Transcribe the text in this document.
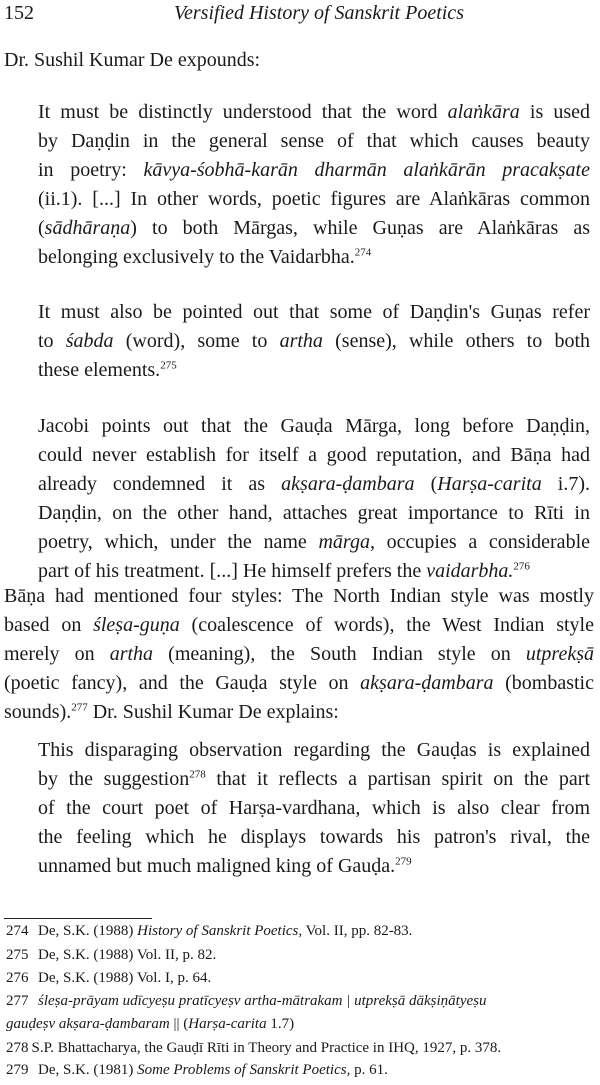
152	Versified History of Sanskrit Poetics
Dr. Sushil Kumar De expounds:
It must be distinctly understood that the word alaṅkāra is used
by Daṇḍin in the general sense of that which causes beauty
in poetry: kāvya-śobhā-karān dharmān alaṅkārān pracakṣate
(ii.1). [...] In other words, poetic figures are Alaṅkāras common
(sādhāraṇa) to both Mārgas, while Guṇas are Alaṅkāras as
belonging exclusively to the Vaidarbha.$^{274}$
It must also be pointed out that some of Daṇḍin's Guṇas refer
to śabda (word), some to artha (sense), while others to both
these elements.$^{275}$
Jacobi points out that the Gauḍa Mārga, long before Daṇḍin,
could never establish for itself a good reputation, and Bāṇa had
already condemned it as akṣara-ḍambara (Harṣa-carita i.7).
Daṇḍin, on the other hand, attaches great importance to Rīti in
poetry, which, under the name mārga, occupies a considerable
part of his treatment. [...] He himself prefers the vaidarbha.$^{276}$
Bāṇa had mentioned four styles: The North Indian style was mostly
based on śleṣa-guṇa (coalescence of words), the West Indian style
merely on artha (meaning), the South Indian style on utprekṣā
(poetic fancy), and the Gauḍa style on akṣara-ḍambara (bombastic
sounds).$^{277}$ Dr. Sushil Kumar De explains:
This disparaging observation regarding the Gauḍas is explained
by the suggestion$^{278}$ that it reflects a partisan spirit on the part
of the court poet of Harṣa-vardhana, which is also clear from
the feeling which he displays towards his patron's rival, the
unnamed but much maligned king of Gauḍa.$^{279}$
274 De, S.K. (1988) History of Sanskrit Poetics, Vol. II, pp. 82-83.
275 De, S.K. (1988) Vol. II, p. 82.
276 De, S.K. (1988) Vol. I, p. 64.
277 śleṣa-prāyam udīcyeṣu pratīcyeṣv artha-mātrakam | utprekṣā dākṣiṇātyeṣu
gauḍeṣv akṣara-ḍambaram || (Harṣa-carita 1.7)
278 S.P. Bhattacharya, the Gauḍī Rīti in Theory and Practice in IHQ, 1927, p. 378.
279 De, S.K. (1981) Some Problems of Sanskrit Poetics, p. 61.
